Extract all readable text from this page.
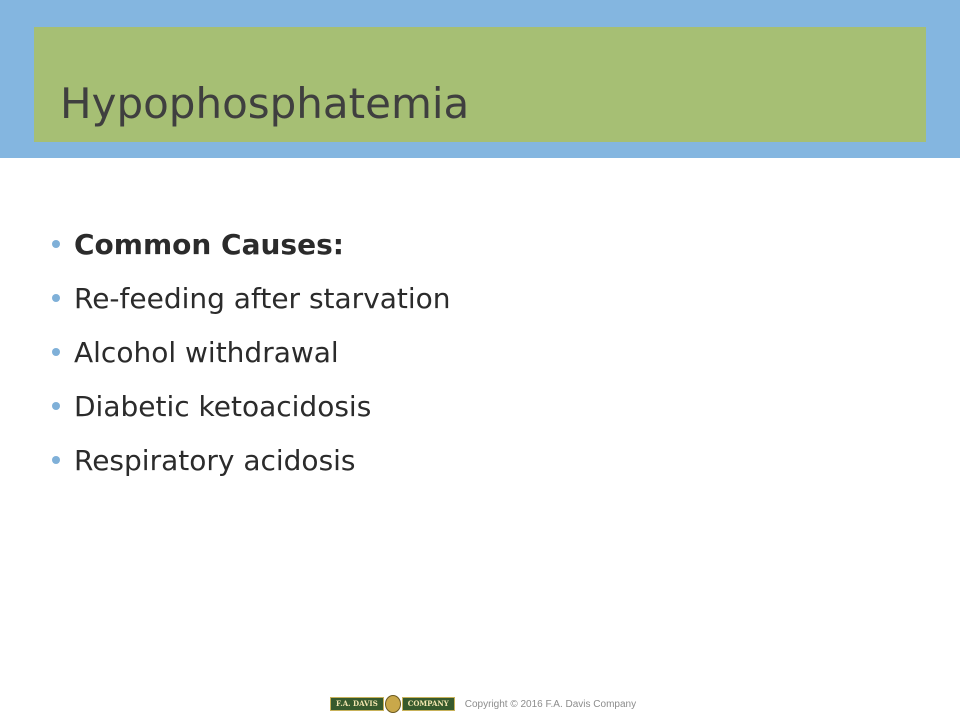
Hypophosphatemia
Common Causes:
Re-feeding after starvation
Alcohol withdrawal
Diabetic ketoacidosis
Respiratory acidosis
F.A. DAVIS	COMPANY	Copyright © 2016 F.A. Davis Company
